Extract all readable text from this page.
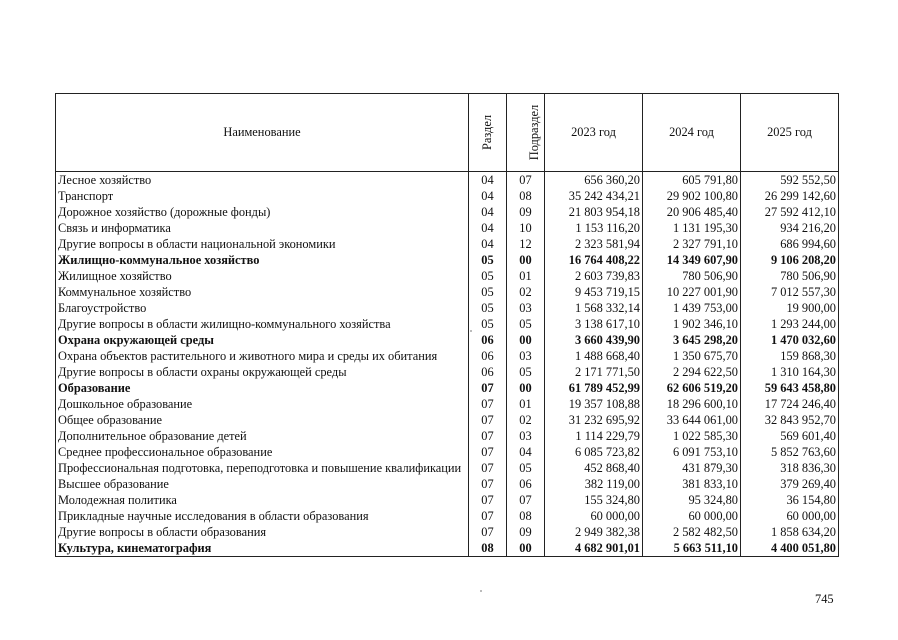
Наименование	Раздел	Подраздел	2023 год	2024 год	2025 год
Лесное хозяйство	04	07	656 360,20	605 791,80	592 552,50
Транспорт	04	08	35 242 434,21	29 902 100,80	26 299 142,60
Дорожное хозяйство (дорожные фонды)	04	09	21 803 954,18	20 906 485,40	27 592 412,10
Связь и информатика	04	10	1 153 116,20	1 131 195,30	934 216,20
Другие вопросы в области национальной экономики	04	12	2 323 581,94	2 327 791,10	686 994,60
Жилищно-коммунальное хозяйство	05	00	16 764 408,22	14 349 607,90	9 106 208,20
Жилищное хозяйство	05	01	2 603 739,83	780 506,90	780 506,90
Коммунальное хозяйство	05	02	9 453 719,15	10 227 001,90	7 012 557,30
Благоустройство	05	03	1 568 332,14	1 439 753,00	19 900,00
Другие вопросы в области жилищно-коммунального хозяйства	05	05	3 138 617,10	1 902 346,10	1 293 244,00
Охрана окружающей среды	06	00	3 660 439,90	3 645 298,20	1 470 032,60
Охрана объектов растительного и животного мира и среды их обитания	06	03	1 488 668,40	1 350 675,70	159 868,30
Другие вопросы в области охраны окружающей среды	06	05	2 171 771,50	2 294 622,50	1 310 164,30
Образование	07	00	61 789 452,99	62 606 519,20	59 643 458,80
Дошкольное образование	07	01	19 357 108,88	18 296 600,10	17 724 246,40
Общее образование	07	02	31 232 695,92	33 644 061,00	32 843 952,70
Дополнительное образование детей	07	03	1 114 229,79	1 022 585,30	569 601,40
Среднее профессиональное образование	07	04	6 085 723,82	6 091 753,10	5 852 763,60
Профессиональная подготовка, переподготовка и повышение квалификации	07	05	452 868,40	431 879,30	318 836,30
Высшее образование	07	06	382 119,00	381 833,10	379 269,40
Молодежная политика	07	07	155 324,80	95 324,80	36 154,80
Прикладные научные исследования в области образования	07	08	60 000,00	60 000,00	60 000,00
Другие вопросы в области образования	07	09	2 949 382,38	2 582 482,50	1 858 634,20
Культура, кинематография	08	00	4 682 901,01	5 663 511,10	4 400 051,80
745
